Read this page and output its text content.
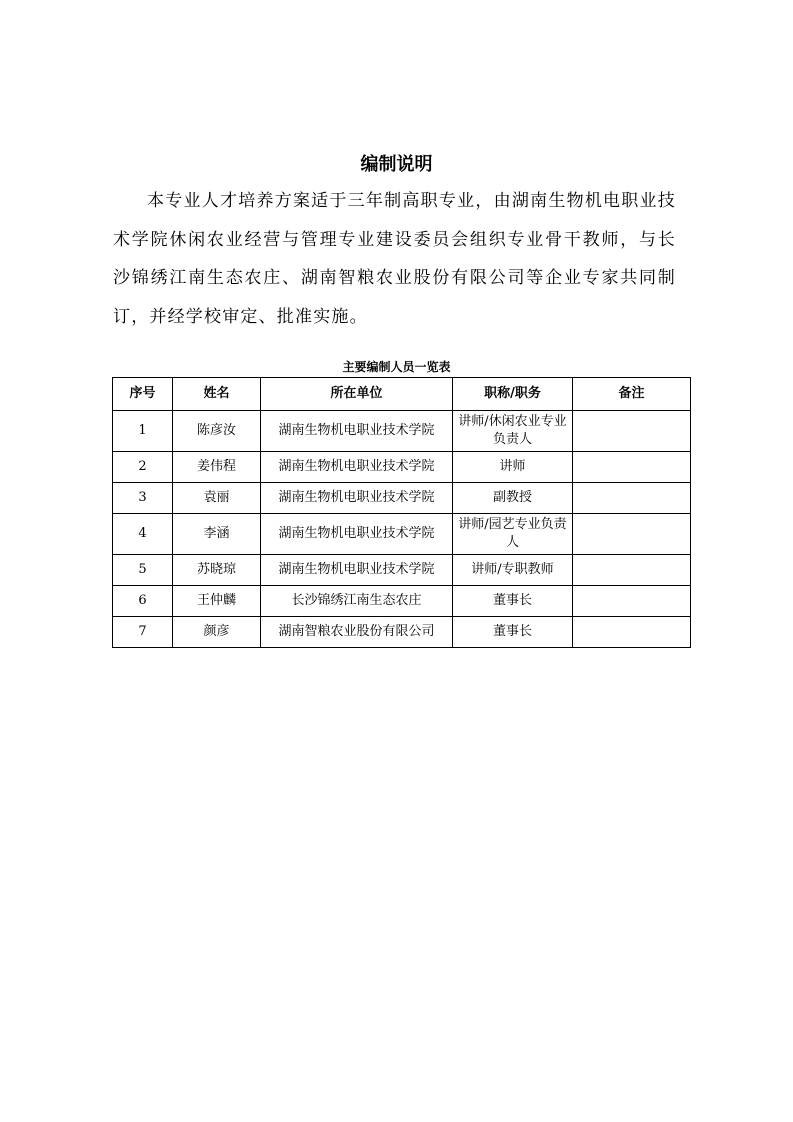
编制说明

本专业人才培养方案适于三年制高职专业，由湖南生物机电职业技术学院休闲农业经营与管理专业建设委员会组织专业骨干教师，与长沙锦绣江南生态农庄、湖南智粮农业股份有限公司等企业专家共同制订，并经学校审定、批准实施。

主要编制人员一览表
序号	姓名	所在单位	职称/职务	备注
1	陈彦汝	湖南生物机电职业技术学院	讲师/休闲农业专业负责人	
2	姜伟程	湖南生物机电职业技术学院	讲师	
3	袁丽	湖南生物机电职业技术学院	副教授	
4	李涵	湖南生物机电职业技术学院	讲师/园艺专业负责人	
5	苏晓琼	湖南生物机电职业技术学院	讲师/专职教师	
6	王仲麟	长沙锦绣江南生态农庄	董事长	
7	颜彦	湖南智粮农业股份有限公司	董事长	
